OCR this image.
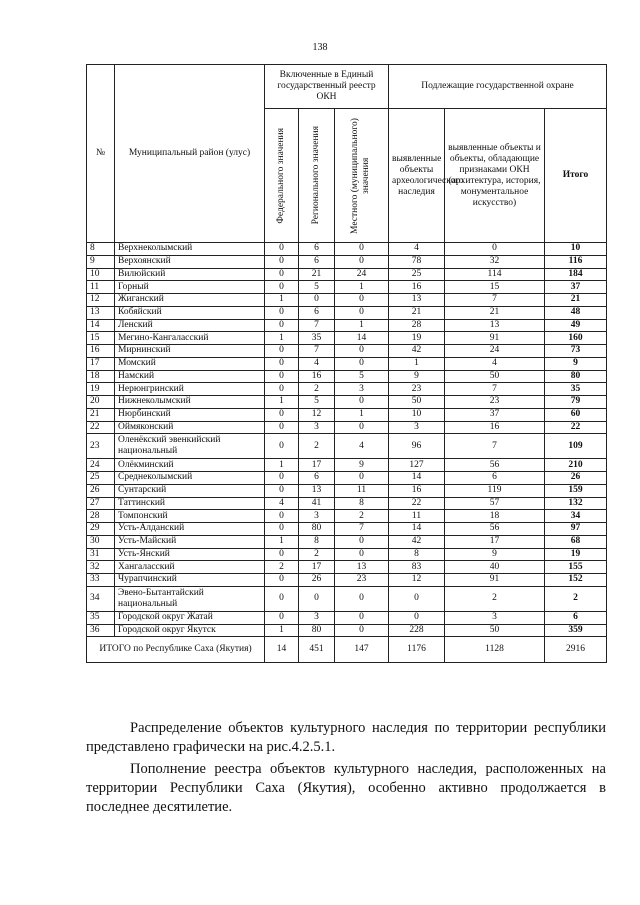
138
№	Муниципальный район (улус)	Включенные в Единый государственный реестр ОКН			Подлежащие государственной охране		

		Федерального значения	Регионального значения	Местного (муниципального) значения	выявленные объекты археологического наследия	выявленные объекты и объекты, обладающие признаками ОКН (архитектура, история, монументальное искусство)	Итого
8	Верхнеколымский	0	6	0	4	0	10
9	Верхоянский	0	6	0	78	32	116
10	Вилюйский	0	21	24	25	114	184
11	Горный	0	5	1	16	15	37
12	Жиганский	1	0	0	13	7	21
13	Кобяйский	0	6	0	21	21	48
14	Ленский	0	7	1	28	13	49
15	Мегино-Кангаласский	1	35	14	19	91	160
16	Мирнинский	0	7	0	42	24	73
17	Момский	0	4	0	1	4	9
18	Намский	0	16	5	9	50	80
19	Нерюнгринский	0	2	3	23	7	35
20	Нижнеколымский	1	5	0	50	23	79
21	Нюрбинский	0	12	1	10	37	60
22	Оймяконский	0	3	0	3	16	22
23	Оленёкский эвенкийский национальный	0	2	4	96	7	109
24	Олёкминский	1	17	9	127	56	210
25	Среднеколымский	0	6	0	14	6	26
26	Сунтарский	0	13	11	16	119	159
27	Таттинский	4	41	8	22	57	132
28	Томпонский	0	3	2	11	18	34
29	Усть-Алданский	0	80	7	14	56	97
30	Усть-Майский	1	8	0	42	17	68
31	Усть-Янский	0	2	0	8	9	19
32	Хангаласский	2	17	13	83	40	155
33	Чурапчинский	0	26	23	12	91	152
34	Эвено-Бытантайский национальный	0	0	0	0	2	2
35	Городской округ Жатай	0	3	0	0	3	6
36	Городской округ Якутск	1	80	0	228	50	359
ИТОГО по Республике Саха (Якутия)		14	451	147	1176	1128	2916

Распределение объектов культурного наследия по территории республики представлено графически на рис.4.2.5.1.

Пополнение реестра объектов культурного наследия, расположенных на территории Республики Саха (Якутия), особенно активно продолжается в последнее десятилетие.
